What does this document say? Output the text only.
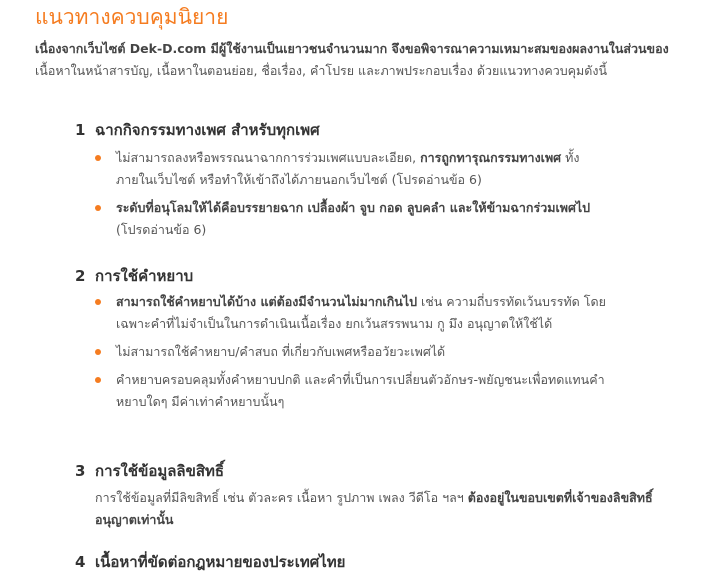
แนวทางควบคุมนิยาย
เนื่องจากเว็บไซต์ Dek-D.com มีผู้ใช้งานเป็นเยาวชนจำนวนมาก จึงขอพิจารณาความเหมาะสมของผลงานในส่วนของ เนื้อหาในหน้าสารบัญ, เนื้อหาในตอนย่อย, ชื่อเรื่อง, คำโปรย และภาพประกอบเรื่อง ด้วยแนวทางควบคุมดังนี้
1 ฉากกิจกรรมทางเพศ สำหรับทุกเพศ
ไม่สามารถลงหรือพรรณนาฉากการร่วมเพศแบบละเอียด, การถูกทารุณกรรมทางเพศ ทั้งภายในเว็บไซต์ หรือทำให้เข้าถึงได้ภายนอกเว็บไซต์ (โปรดอ่านข้อ 6)
ระดับที่อนุโลมให้ได้คือบรรยายฉาก เปลื้องผ้า จูบ กอด ลูบคลำ และให้ข้ามฉากร่วมเพศไป (โปรดอ่านข้อ 6)
2 การใช้คำหยาบ
สามารถใช้คำหยาบได้บ้าง แต่ต้องมีจำนวนไม่มากเกินไป เช่น ความถี่บรรทัดเว้นบรรทัด โดยเฉพาะคำที่ไม่จำเป็นในการดำเนินเนื้อเรื่อง ยกเว้นสรรพนาม กู มึง อนุญาตให้ใช้ได้
ไม่สามารถใช้คำหยาบ/คำสบถ ที่เกี่ยวกับเพศหรืออวัยวะเพศได้
คำหยาบครอบคลุมทั้งคำหยาบปกติ และคำที่เป็นการเปลี่ยนตัวอักษร-พยัญชนะเพื่อทดแทนคำหยาบใดๆ มีค่าเท่าคำหยาบนั้นๆ
3 การใช้ข้อมูลลิขสิทธิ์
การใช้ข้อมูลที่มีลิขสิทธิ์ เช่น ตัวละคร เนื้อหา รูปภาพ เพลง วีดีโอ ฯลฯ ต้องอยู่ในขอบเขตที่เจ้าของลิขสิทธิ์อนุญาตเท่านั้น
4 เนื้อหาที่ขัดต่อกฎหมายของประเทศไทย
